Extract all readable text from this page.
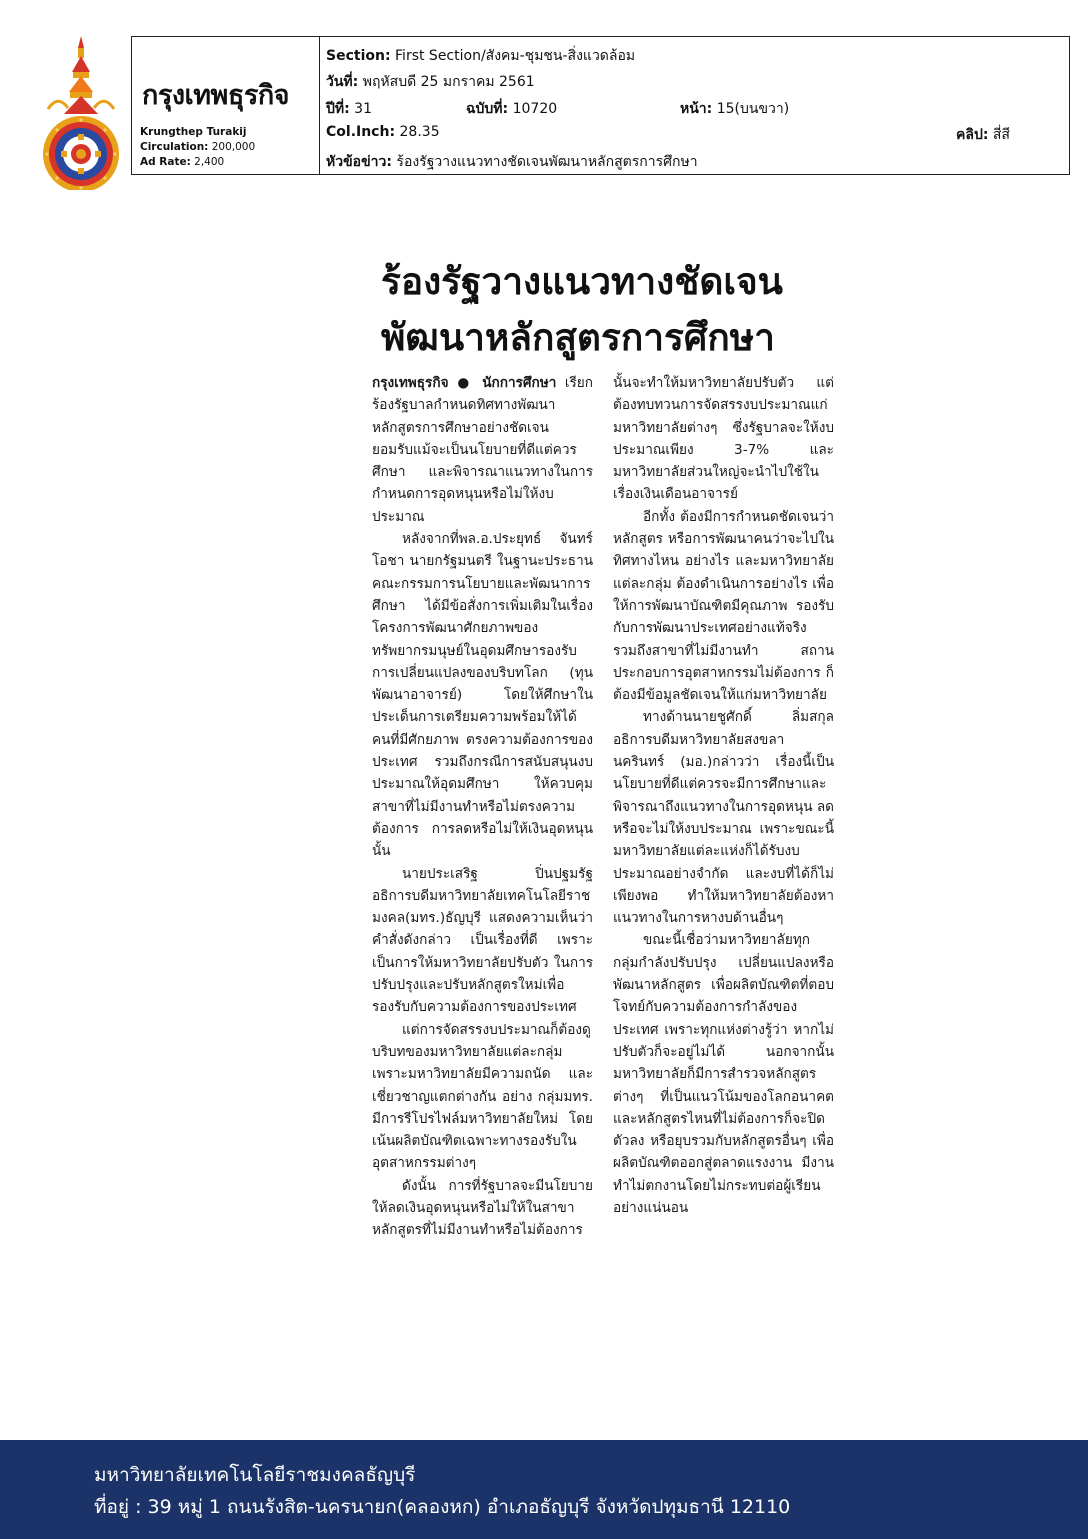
กรุงเทพธุรกิจ
Krungthep Turakij
Circulation: 200,000
Ad Rate: 2,400
Section: First Section/สังคม-ชุมชน-สิ่งแวดล้อม
วันที่: พฤหัสบดี 25 มกราคม 2561
ปีที่: 31	ฉบับที่: 10720	หน้า: 15(บนขวา)
Col.Inch: 28.35	คลิป: สี่สี
หัวข้อข่าว: ร้องรัฐวางแนวทางชัดเจนพัฒนาหลักสูตรการศึกษา
ร้องรัฐวางแนวทางชัดเจน
พัฒนาหลักสูตรการศึกษา

กรุงเทพธุรกิจ ● นักการศึกษา เรียกร้องรัฐบาลกำหนดทิศทางพัฒนาหลักสูตรการศึกษาอย่างชัดเจน ยอมรับแม้จะเป็นนโยบายที่ดีแต่ควรศึกษา และพิจารณาแนวทางในการกำหนดการอุดหนุนหรือไม่ให้งบประมาณ

หลังจากที่พล.อ.ประยุทธ์ จันทร์โอชา นายกรัฐมนตรี ในฐานะประธานคณะกรรมการนโยบายและพัฒนาการศึกษา ได้มีข้อสั่งการเพิ่มเติมในเรื่องโครงการพัฒนาศักยภาพของทรัพยากรมนุษย์ในอุดมศึกษารองรับการเปลี่ยนแปลงของบริบทโลก (ทุนพัฒนาอาจารย์) โดยให้ศึกษาในประเด็นการเตรียมความพร้อมให้ได้คนที่มีศักยภาพ ตรงความต้องการของประเทศ รวมถึงกรณีการสนับสนุนงบประมาณให้อุดมศึกษา ให้ควบคุมสาขาที่ไม่มีงานทำหรือไม่ตรงความต้องการ การลดหรือไม่ให้เงินอุดหนุนนั้น

นายประเสริฐ ปิ่นปฐมรัฐ อธิการบดีมหาวิทยาลัยเทคโนโลยีราชมงคล(มทร.)ธัญบุรี แสดงความเห็นว่าคำสั่งดังกล่าว เป็นเรื่องที่ดี เพราะเป็นการให้มหาวิทยาลัยปรับตัว ในการปรับปรุงและปรับหลักสูตรใหม่เพื่อรองรับกับความต้องการของประเทศ

แต่การจัดสรรงบประมาณก็ต้องดูบริบทของมหาวิทยาลัยแต่ละกลุ่ม เพราะมหาวิทยาลัยมีความถนัด และเชี่ยวชาญแตกต่างกัน อย่าง กลุ่มมทร. มีการรีโปรไฟล์มหาวิทยาลัยใหม่ โดยเน้นผลิตบัณฑิตเฉพาะทางรองรับในอุตสาหกรรมต่างๆ

ดังนั้น การที่รัฐบาลจะมีนโยบายให้ลดเงินอุดหนุนหรือไม่ให้ในสาขาหลักสูตรที่ไม่มีงานทำหรือไม่ต้องการ

นั้นจะทำให้มหาวิทยาลัยปรับตัว แต่ต้องทบทวนการจัดสรรงบประมาณแก่มหาวิทยาลัยต่างๆ ซึ่งรัฐบาลจะให้งบประมาณเพียง 3-7% และมหาวิทยาลัยส่วนใหญ่จะนำไปใช้ในเรื่องเงินเดือนอาจารย์

อีกทั้ง ต้องมีการกำหนดชัดเจนว่าหลักสูตร หรือการพัฒนาคนว่าจะไปในทิศทางไหน อย่างไร และมหาวิทยาลัยแต่ละกลุ่ม ต้องดำเนินการอย่างไร เพื่อให้การพัฒนาบัณฑิตมีคุณภาพ รองรับกับการพัฒนาประเทศอย่างแท้จริง รวมถึงสาขาที่ไม่มีงานทำ สถานประกอบการอุตสาหกรรมไม่ต้องการ ก็ต้องมีข้อมูลชัดเจนให้แก่มหาวิทยาลัย

ทางด้านนายชูศักดิ์ ลิ่มสกุล อธิการบดีมหาวิทยาลัยสงขลานครินทร์ (มอ.)กล่าวว่า เรื่องนี้เป็นนโยบายที่ดีแต่ควรจะมีการศึกษาและพิจารณาถึงแนวทางในการอุดหนุน ลด หรือจะไม่ให้งบประมาณ เพราะขณะนี้มหาวิทยาลัยแต่ละแห่งก็ได้รับงบประมาณอย่างจำกัด และงบที่ได้ก็ไม่เพียงพอ ทำให้มหาวิทยาลัยต้องหาแนวทางในการหางบด้านอื่นๆ

ขณะนี้เชื่อว่ามหาวิทยาลัยทุกกลุ่มกำลังปรับปรุง เปลี่ยนแปลงหรือพัฒนาหลักสูตร เพื่อผลิตบัณฑิตที่ตอบโจทย์กับความต้องการกำลังของประเทศ เพราะทุกแห่งต่างรู้ว่า หากไม่ปรับตัวก็จะอยู่ไม่ได้ นอกจากนั้นมหาวิทยาลัยก็มีการสำรวจหลักสูตรต่างๆ ที่เป็นแนวโน้มของโลกอนาคต และหลักสูตรไหนที่ไม่ต้องการก็จะปิดตัวลง หรือยุบรวมกับหลักสูตรอื่นๆ เพื่อผลิตบัณฑิตออกสู่ตลาดแรงงาน มีงานทำไม่ตกงานโดยไม่กระทบต่อผู้เรียนอย่างแน่นอน

มหาวิทยาลัยเทคโนโลยีราชมงคลธัญบุรี
ที่อยู่ : 39 หมู่ 1 ถนนรังสิต-นครนายก(คลองหก) อำเภอธัญบุรี จังหวัดปทุมธานี 12110
